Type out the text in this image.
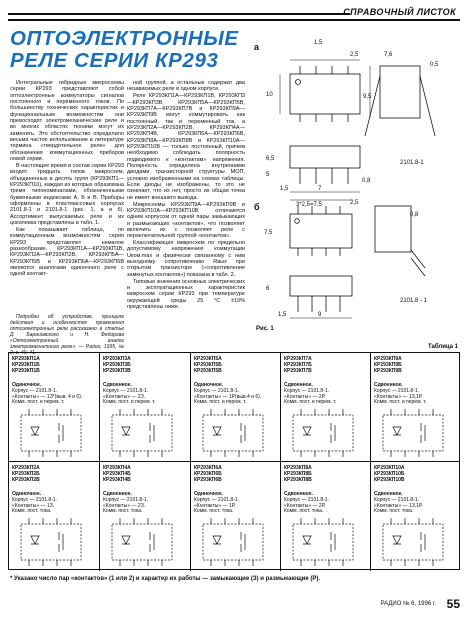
СПРАВОЧНЫЙ ЛИСТОК
ОПТОЭЛЕКТРОННЫЕ
РЕЛЕ СЕРИИ КР293

Интегральные гибридные микросхемы серии КР293 представляют собой оптоэлектронные коммутаторы сигналов постоянного и переменного токов. По большинству технических характеристик и функциональным возможностям они превосходят электромеханические реле и во многих областях техники могут их заменить. Это обстоятельство определило весьма частое использование в литературе термина «твердотельное реле» для обозначения коммутационных приборов новой серии.

В настоящее время в состав серии КР293 входят тридцать типов микросхем, объединенных в десять групп (КР293КП1—КР293КП10), каждая из которых образована тремя типономиналами, обозначенными буквенными индексами А, Б и В. Приборы оформлены в пластмассовых корпусах 2101.8-1 и 2101.8-1 (рис. 1, а и б). Ассортимент выпускаемых реле и их цоколевка представлены в табл. 1.

Как показывает таблица, по коммутационным возможностям серия КР293 представляет немалое разнообразие. КР293КП1А—КР293КП1В, КР293КП2А—КР293КП2В, КР293КП5А—КР293КП5В и КР293КП6А—КР293КП6В являются аналогами одиночного реле с одной контакт-

Подробно об устройстве, принципе действия и особенностях применения оптоэлектронных реле рассказано в статье Д. Барановского и Н. Федорова «Оптоэлектронный аналог электромагнитного реле». — Радио, 1995, № 2, с. 40, 41.

ной группой, а остальные содержат два независимых реле в одном корпусе.

Реле КР293КП1А—КР293КП1В, КР293КП3—КР293КП3В, КР293КП5А—КР293КП5В, КР293КП7А—КР293КП7В и КР293КП9А—КР293КП9В могут коммутировать как постоянный, так и переменный ток, а КР293КП2А—КР293КП2В, КР293КП4А—КР293КП4В, КР293КП6А—КР293КП6В, КР293КП8А—КР293КП8В и КР293КП10А—КР293КП10В — только постоянный, причем необходимо соблюдать полярность подводимого к «контактам» напряжения. Полярность определена внутренними диодами транзисторной структуры МОП, условно изображенными на схемах таблицы. Если диоды не изображены, то это не означает, что их нет, просто их общая точка не имеет внешнего вывода.

Микросхемы КР293КП9А—КР293КП9В и КР293КП10А—КР293КП10В отличаются одним корпусом от одной пары замыкающих и размыкающих «контактов», что позволяет включить их с позволяет реле с переключательной группой «контактов».

Классификация микросхем по предельно допустимому напряжению коммутации Uком.max и физически связанному с ним выходному сопротивлению Rвых при открытом транзисторе («сопротивление замкнутых контактов») показана в табл. 2.

Типовые значения основных электрических и эксплуатационных характеристик микросхем серии КР293 при температуре окружающей среды 25 °С ±10% представлены ниже.

а
2101.8-1
б
2101.8 - 1
1,5
2,5
10	9,5
7,6
0,5
6,5
5
1,5
0,8
7
3*2,5=7,5	2,5
7,5
0,8
6
1,5	9
Рис. 1
Таблица 1
КР293КП1А
КР293КП1Б
КР293КП1В
Одиночное.
Корпус — 2101.8-1.
«Контакты» — 1З*(выв. 4 и 6).
Комм. пост. и перем. т.
КР293КП3А
КР293КП3Б
КР293КП3В
Сдвоенное.
Корпус — 2101.8-1.
«Контакты» — 2З.
Комм. пост. и перем. т.
КР293КП5А
КР293КП5Б
КР293КП5В
Одиночное.
Корпус — 2101.8-1.
«Контакты» — 1Р(выв.4 и 6).
Комм. пост. и перем. т.
КР293КП7А
КР293КП7Б
КР293КП7В
Сдвоенное.
Корпус — 2101.8-1.
«Контакты» — 2Р.
Комм. пост. и перем. т.
КР293КП9А
КР293КП9Б
КР293КП9В
Сдвоенное.
Корпус — 2101.8-1.
«Контакты» — 1З,1Р.
Комм. пост. и перем. т.
КР293КП2А
КР293КП2Б
КР293КП2В
Одиночное.
Корпус — 2101.8-1.
«Контакты» — 1З.
Комм. пост. тока.
КР293КП4А
КР293КП4Б
КР293КП4В
Сдвоенное.
Корпус — 2101.8-1.
«Контакты» — 2З.
Комм. пост. тока.
КР293КП6А
КР293КП6Б
КР293КП6В
Одиночное.
Корпус — 2101.8-1.
«Контакты» — 1Р.
Комм. пост. тока.
КР293КП8А
КР293КП8Б
КР293КП8В
Сдвоенное.
Корпус — 2101.8-1.
«Контакты» — 2Р.
Комм. пост. тока.
КР293КП10А
КР293КП10Б
КР293КП10В
Сдвоенное.
Корпус — 2101.8-1.
«Контакты» — 1З,1Р.
Комм. пост. тока.
* Указано число пар «контактов» (1 или 2) и характер их работы — замыкающие (З) и размыкающие (Р).
РАДИО № 6, 1996 г. 55
